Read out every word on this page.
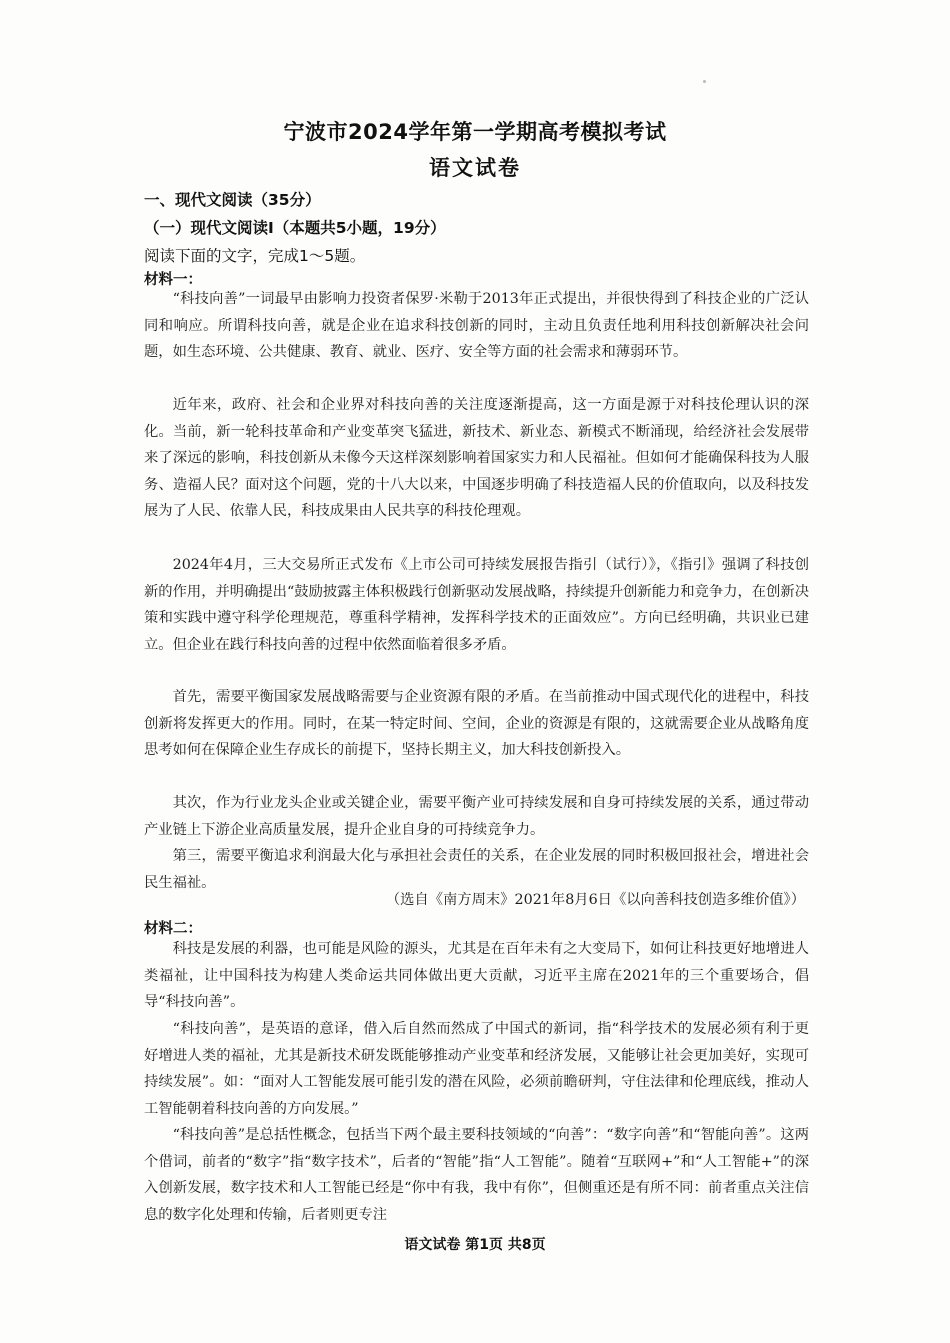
宁波市2024学年第一学期高考模拟考试
语文试卷
一、现代文阅读（35分）
（一）现代文阅读Ⅰ（本题共5小题，19分）
阅读下面的文字，完成1～5题。
材料一：
“科技向善”一词最早由影响力投资者保罗·米勒于2013年正式提出，并很快得到了科技企业的广泛认同和响应。所谓科技向善，就是企业在追求科技创新的同时，主动且负责任地利用科技创新解决社会问题，如生态环境、公共健康、教育、就业、医疗、安全等方面的社会需求和薄弱环节。
近年来，政府、社会和企业界对科技向善的关注度逐渐提高，这一方面是源于对科技伦理认识的深化。当前，新一轮科技革命和产业变革突飞猛进，新技术、新业态、新模式不断涌现，给经济社会发展带来了深远的影响，科技创新从未像今天这样深刻影响着国家实力和人民福祉。但如何才能确保科技为人服务、造福人民？面对这个问题，党的十八大以来，中国逐步明确了科技造福人民的价值取向，以及科技发展为了人民、依靠人民，科技成果由人民共享的科技伦理观。
2024年4月，三大交易所正式发布《上市公司可持续发展报告指引（试行）》，《指引》强调了科技创新的作用，并明确提出“鼓励披露主体积极践行创新驱动发展战略，持续提升创新能力和竞争力，在创新决策和实践中遵守科学伦理规范，尊重科学精神，发挥科学技术的正面效应”。方向已经明确，共识业已建立。但企业在践行科技向善的过程中依然面临着很多矛盾。
首先，需要平衡国家发展战略需要与企业资源有限的矛盾。在当前推动中国式现代化的进程中，科技创新将发挥更大的作用。同时，在某一特定时间、空间，企业的资源是有限的，这就需要企业从战略角度思考如何在保障企业生存成长的前提下，坚持长期主义，加大科技创新投入。
其次，作为行业龙头企业或关键企业，需要平衡产业可持续发展和自身可持续发展的关系，通过带动产业链上下游企业高质量发展，提升企业自身的可持续竞争力。
第三，需要平衡追求利润最大化与承担社会责任的关系，在企业发展的同时积极回报社会，增进社会民生福祉。
（选自《南方周末》2021年8月6日《以向善科技创造多维价值》）
材料二：
科技是发展的利器，也可能是风险的源头，尤其是在百年未有之大变局下，如何让科技更好地增进人类福祉，让中国科技为构建人类命运共同体做出更大贡献，习近平主席在2021年的三个重要场合，倡导“科技向善”。
“科技向善”，是英语的意译，借入后自然而然成了中国式的新词，指“科学技术的发展必须有利于更好增进人类的福祉，尤其是新技术研发既能够推动产业变革和经济发展，又能够让社会更加美好，实现可持续发展”。如：“面对人工智能发展可能引发的潜在风险，必须前瞻研判，守住法律和伦理底线，推动人工智能朝着科技向善的方向发展。”
“科技向善”是总括性概念，包括当下两个最主要科技领域的“向善”：“数字向善”和“智能向善”。这两个借词，前者的“数字”指“数字技术”，后者的“智能”指“人工智能”。随着“互联网+”和“人工智能+”的深入创新发展，数字技术和人工智能已经是“你中有我，我中有你”，但侧重还是有所不同：前者重点关注信息的数字化处理和传输，后者则更专注
语文试卷 第1页 共8页
